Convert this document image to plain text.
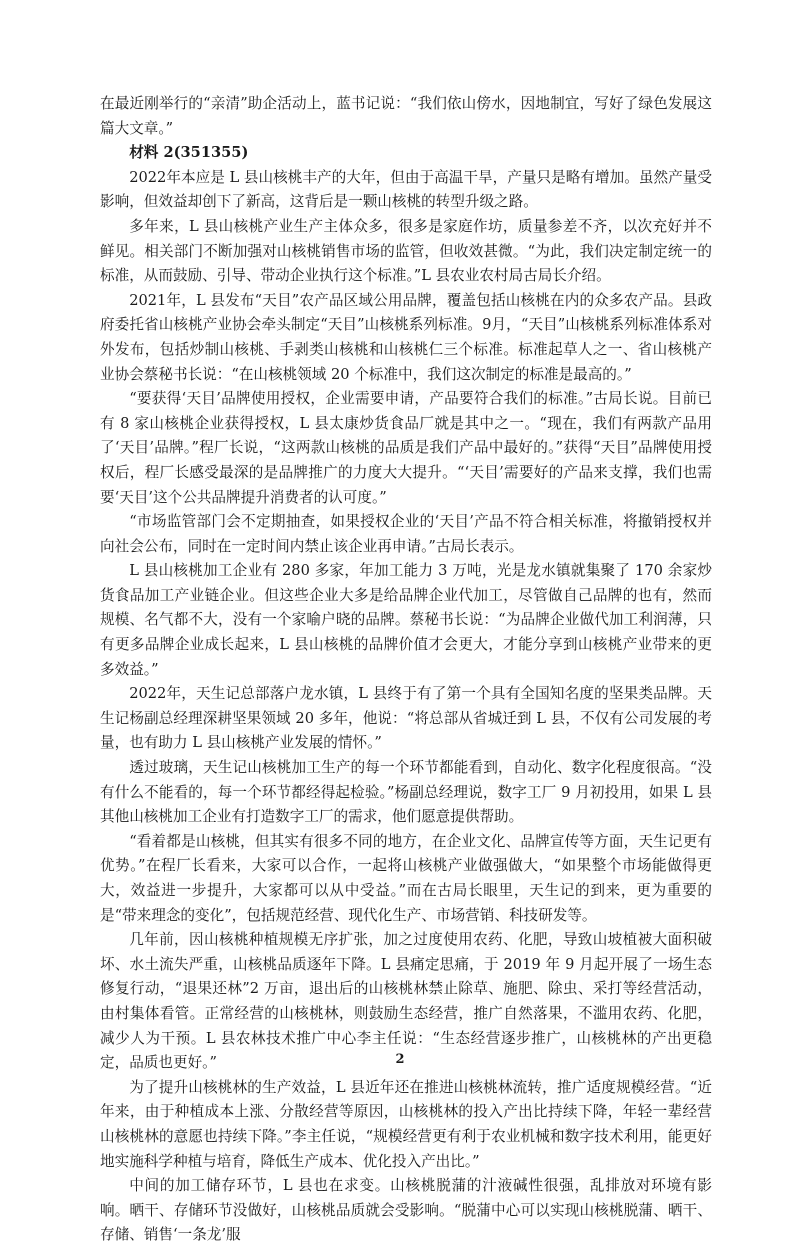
在最近刚举行的“亲清”助企活动上，蓝书记说：“我们依山傍水，因地制宜，写好了绿色发展这篇大文章。”

材料 2(351355)

2022年本应是 L 县山核桃丰产的大年，但由于高温干旱，产量只是略有增加。虽然产量受影响，但效益却创下了新高，这背后是一颗山核桃的转型升级之路。

多年来，L 县山核桃产业生产主体众多，很多是家庭作坊，质量参差不齐，以次充好并不鲜见。相关部门不断加强对山核桃销售市场的监管，但收效甚微。“为此，我们决定制定统一的标准，从而鼓励、引导、带动企业执行这个标准。”L 县农业农村局古局长介绍。

2021年，L 县发布“天目”农产品区域公用品牌，覆盖包括山核桃在内的众多农产品。县政府委托省山核桃产业协会牵头制定“天目”山核桃系列标准。9月，“天目”山核桃系列标准体系对外发布，包括炒制山核桃、手剥类山核桃和山核桃仁三个标准。标准起草人之一、省山核桃产业协会蔡秘书长说：“在山核桃领域 20 个标准中，我们这次制定的标准是最高的。”

“要获得‘天目’品牌使用授权，企业需要申请，产品要符合我们的标准。”古局长说。目前已有 8 家山核桃企业获得授权，L 县太康炒货食品厂就是其中之一。“现在，我们有两款产品用了‘天目’品牌。”程厂长说，“这两款山核桃的品质是我们产品中最好的。”获得“天目”品牌使用授权后，程厂长感受最深的是品牌推广的力度大大提升。“‘天目’需要好的产品来支撑，我们也需要‘天目’这个公共品牌提升消费者的认可度。”

“市场监管部门会不定期抽查，如果授权企业的‘天目’产品不符合相关标准，将撤销授权并向社会公布，同时在一定时间内禁止该企业再申请。”古局长表示。

L 县山核桃加工企业有 280 多家，年加工能力 3 万吨，光是龙水镇就集聚了 170 余家炒货食品加工产业链企业。但这些企业大多是给品牌企业代加工，尽管做自己品牌的也有，然而规模、名气都不大，没有一个家喻户晓的品牌。蔡秘书长说：“为品牌企业做代加工利润薄，只有更多品牌企业成长起来，L 县山核桃的品牌价值才会更大，才能分享到山核桃产业带来的更多效益。”

2022年，天生记总部落户龙水镇，L 县终于有了第一个具有全国知名度的坚果类品牌。天生记杨副总经理深耕坚果领域 20 多年，他说：“将总部从省城迁到 L 县，不仅有公司发展的考量，也有助力 L 县山核桃产业发展的情怀。”

透过玻璃，天生记山核桃加工生产的每一个环节都能看到，自动化、数字化程度很高。“没有什么不能看的，每一个环节都经得起检验。”杨副总经理说，数字工厂 9 月初投用，如果 L 县其他山核桃加工企业有打造数字工厂的需求，他们愿意提供帮助。

“看着都是山核桃，但其实有很多不同的地方，在企业文化、品牌宣传等方面，天生记更有优势。”在程厂长看来，大家可以合作，一起将山核桃产业做强做大，“如果整个市场能做得更大，效益进一步提升，大家都可以从中受益。”而在古局长眼里，天生记的到来，更为重要的是“带来理念的变化”，包括规范经营、现代化生产、市场营销、科技研发等。

几年前，因山核桃种植规模无序扩张，加之过度使用农药、化肥，导致山坡植被大面积破坏、水土流失严重，山核桃品质逐年下降。L 县痛定思痛，于 2019 年 9 月起开展了一场生态修复行动，“退果还林”2 万亩，退出后的山核桃林禁止除草、施肥、除虫、采打等经营活动，由村集体看管。正常经营的山核桃林，则鼓励生态经营，推广自然落果，不滥用农药、化肥，减少人为干预。L 县农林技术推广中心李主任说：“生态经营逐步推广，山核桃林的产出更稳定，品质也更好。”

为了提升山核桃林的生产效益，L 县近年还在推进山核桃林流转，推广适度规模经营。“近年来，由于种植成本上涨、分散经营等原因，山核桃林的投入产出比持续下降，年轻一辈经营山核桃林的意愿也持续下降。”李主任说，“规模经营更有利于农业机械和数字技术利用，能更好地实施科学种植与培育，降低生产成本、优化投入产出比。”

中间的加工储存环节，L 县也在求变。山核桃脱蒲的汁液碱性很强，乱排放对环境有影响。晒干、存储环节没做好，山核桃品质就会受影响。“脱蒲中心可以实现山核桃脱蒲、晒干、存储、销售‘一条龙’服

2
